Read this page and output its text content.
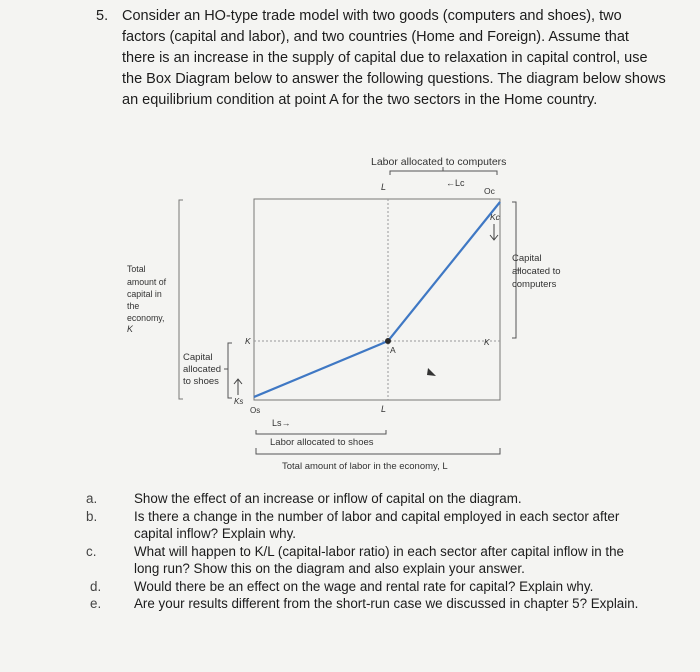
5. Consider an HO-type trade model with two goods (computers and shoes), two factors (capital and labor), and two countries (Home and Foreign). Assume that there is an increase in the supply of capital due to relaxation in capital control, use the Box Diagram below to answer the following questions. The diagram below shows an equilibrium condition at point A for the two sectors in the Home country.
Labor allocated to computers
L	←Lc
Oc
Kc
A
K	K
Capital allocated to computers
Total amount of capital in the economy, K
Capital allocated to shoes
Ks
Os	L
Ls→
Labor allocated to shoes
Total amount of labor in the economy, L
a.	Show the effect of an increase or inflow of capital on the diagram.
b.	Is there a change in the number of labor and capital employed in each sector after capital inflow? Explain why.
c.	What will happen to K/L (capital-labor ratio) in each sector after capital inflow in the long run? Show this on the diagram and also explain your answer.
d. Would there be an effect on the wage and rental rate for capital? Explain why.
e. Are your results different from the short-run case we discussed in chapter 5? Explain.
